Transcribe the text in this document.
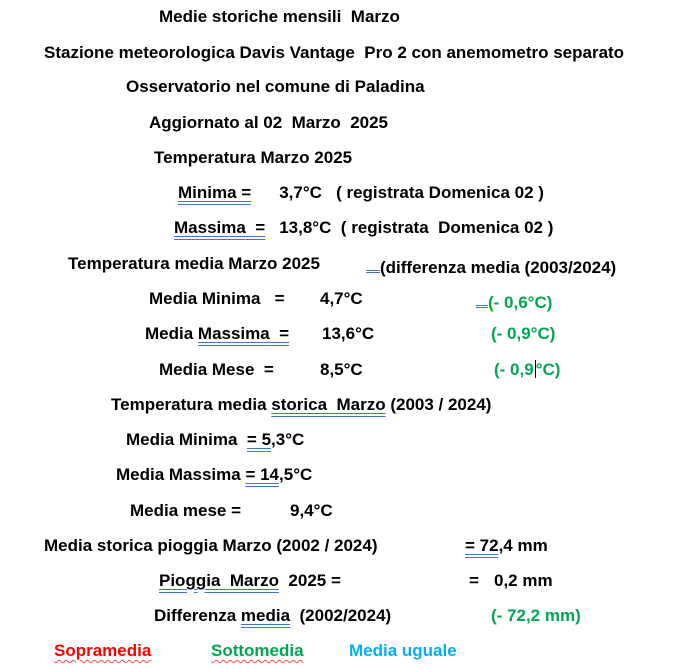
Medie storiche mensili  Marzo
Stazione meteorologica Davis Vantage  Pro 2 con anemometro separato
Osservatorio nel comune di Paladina
Aggiornato al 02  Marzo  2025
Temperatura Marzo 2025
Minima = 3,7°C   ( registrata Domenica 02 )
Massima  = 13,8°C  ( registrata  Domenica 02 )
Temperatura media Marzo 2025	(differenza media (2003/2024)
Media Minima   = 4,7°C	(- 0,6°C)
Media Massima  = 13,6°C	(- 0,9°C)
Media Mese  =	8,5°C	(- 0,9 °C)
Temperatura media storica  Marzo (2003 / 2024)
Media Minima  = 5,3°C
Media Massima = 14,5°C
Media mese =	9,4°C
Media storica pioggia Marzo (2002 / 2024)	= 72,4 mm
Pioggia  Marzo  2025 =	= 0,2 mm
Differenza media  (2002/2024)	(- 72,2 mm)
Sopramedia	Sottomedia	Media uguale
